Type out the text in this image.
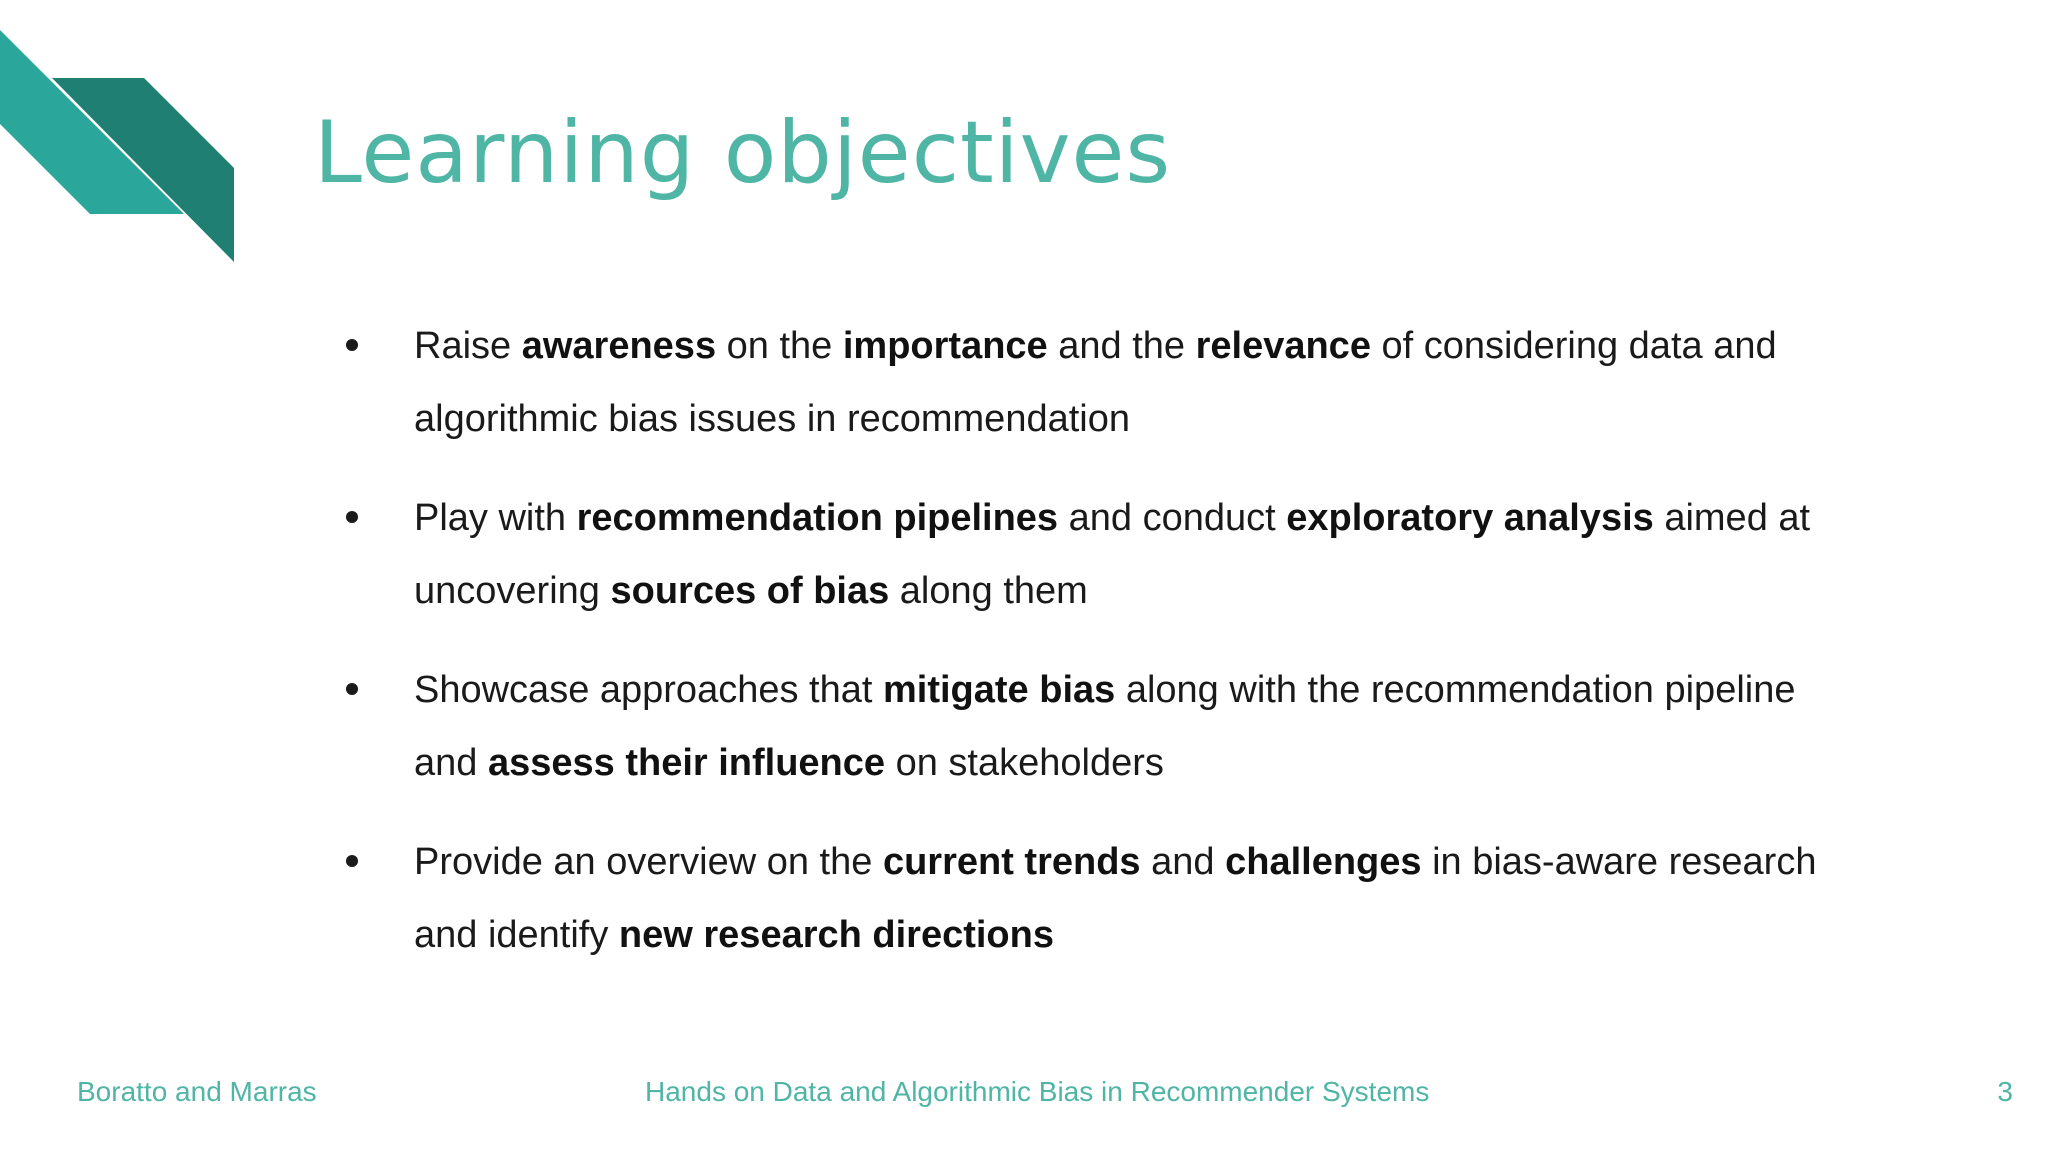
Learning objectives
Raise awareness on the importance and the relevance of considering data and algorithmic bias issues in recommendation
Play with recommendation pipelines and conduct exploratory analysis aimed at uncovering sources of bias along them
Showcase approaches that mitigate bias along with the recommendation pipeline and assess their influence on stakeholders
Provide an overview on the current trends and challenges in bias-aware research and identify new research directions
Boratto and Marras	Hands on Data and Algorithmic Bias in Recommender Systems	3
